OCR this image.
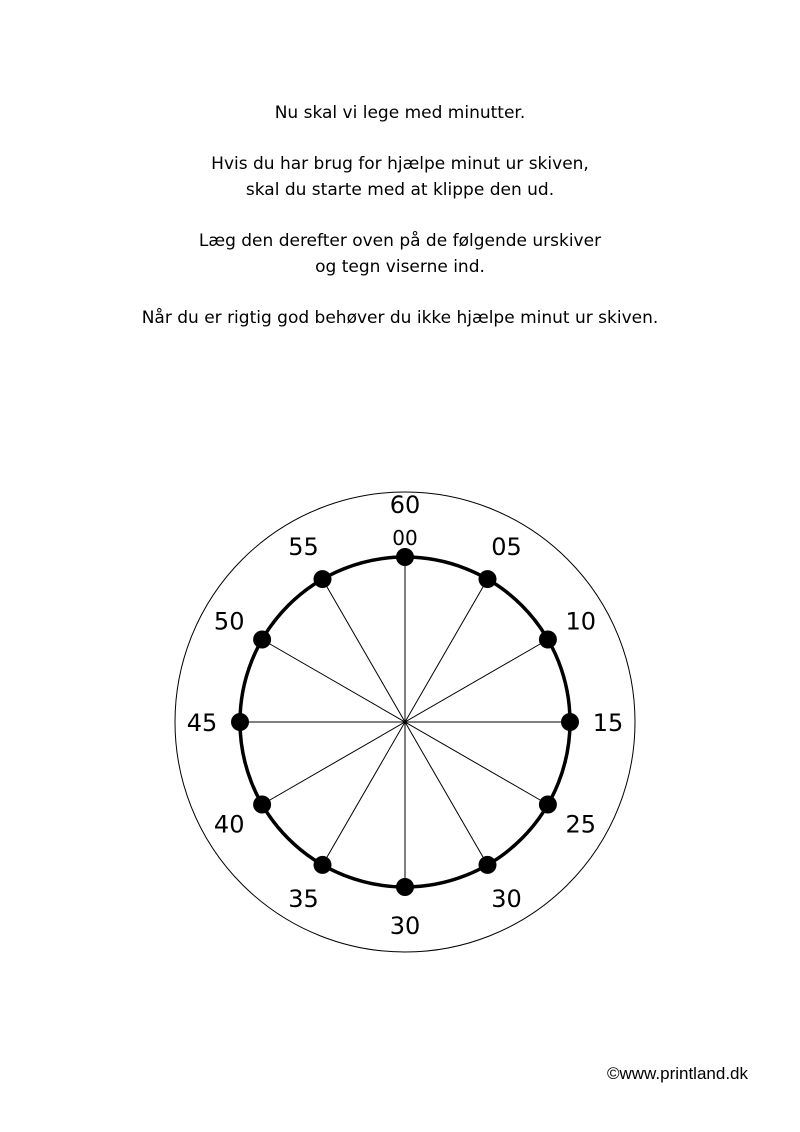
Nu skal vi lege med minutter.

Hvis du har brug for hjælpe minut ur skiven,
skal du starte med at klippe den ud.

Læg den derefter oven på de følgende urskiver
og tegn viserne ind.

Når du er rigtig god behøver du ikke hjælpe minut ur skiven.

60
05
10
15
25
30
30
35
40
45
50
55	00
©www.printland.dk
